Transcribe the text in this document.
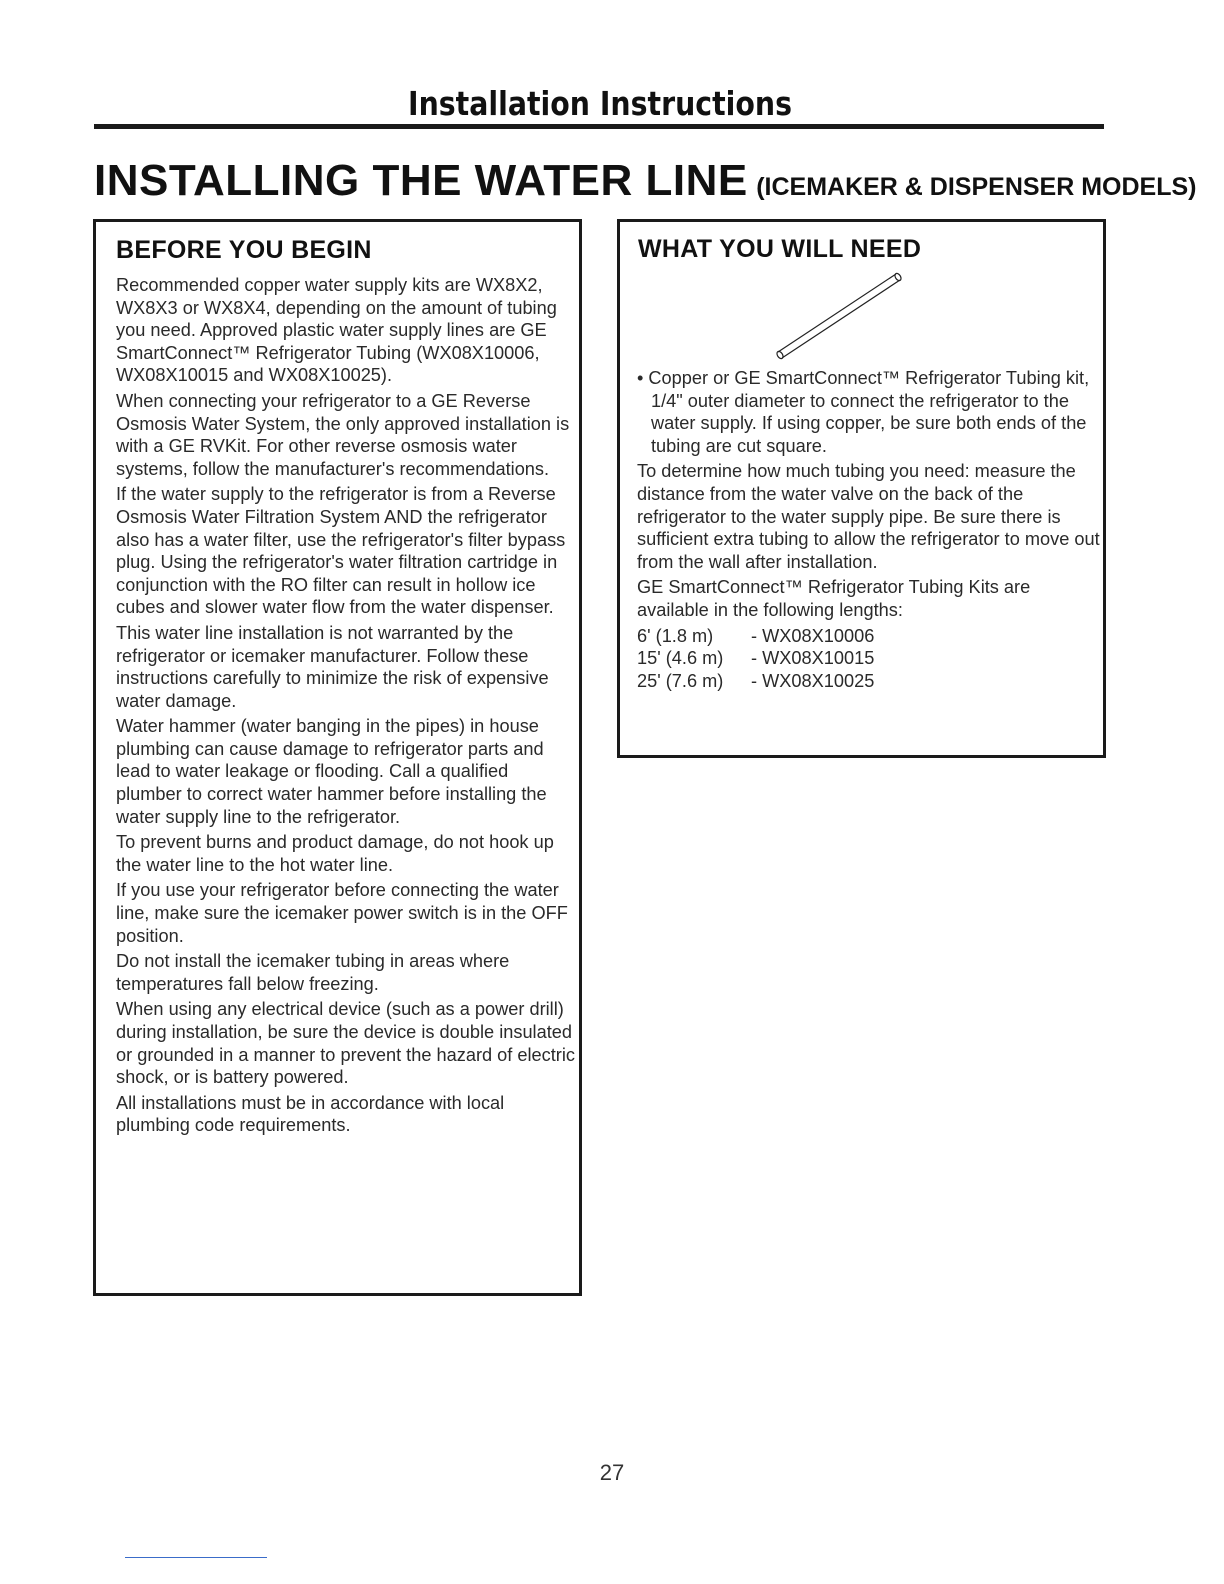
Installation Instructions
INSTALLING THE WATER LINE (ICEMAKER & DISPENSER MODELS)
BEFORE YOU BEGIN

Recommended copper water supply kits are WX8X2, WX8X3 or WX8X4, depending on the amount of tubing you need. Approved plastic water supply lines are GE SmartConnect™ Refrigerator Tubing (WX08X10006, WX08X10015 and WX08X10025).

When connecting your refrigerator to a GE Reverse Osmosis Water System, the only approved installation is with a GE RVKit. For other reverse osmosis water systems, follow the manufacturer's recommendations.

If the water supply to the refrigerator is from a Reverse Osmosis Water Filtration System AND the refrigerator also has a water filter, use the refrigerator's filter bypass plug. Using the refrigerator's water filtration cartridge in conjunction with the RO filter can result in hollow ice cubes and slower water flow from the water dispenser.

This water line installation is not warranted by the refrigerator or icemaker manufacturer. Follow these instructions carefully to minimize the risk of expensive water damage.

Water hammer (water banging in the pipes) in house plumbing can cause damage to refrigerator parts and lead to water leakage or flooding. Call a qualified plumber to correct water hammer before installing the water supply line to the refrigerator.

To prevent burns and product damage, do not hook up the water line to the hot water line.

If you use your refrigerator before connecting the water line, make sure the icemaker power switch is in the OFF position.

Do not install the icemaker tubing in areas where temperatures fall below freezing.

When using any electrical device (such as a power drill) during installation, be sure the device is double insulated or grounded in a manner to prevent the hazard of electric shock, or is battery powered.

All installations must be in accordance with local plumbing code requirements.

WHAT YOU WILL NEED

• Copper or GE SmartConnect™ Refrigerator Tubing kit, 1/4" outer diameter to connect the refrigerator to the water supply. If using copper, be sure both ends of the tubing are cut square.

To determine how much tubing you need: measure the distance from the water valve on the back of the refrigerator to the water supply pipe. Be sure there is sufficient extra tubing to allow the refrigerator to move out from the wall after installation.

GE SmartConnect™ Refrigerator Tubing Kits are available in the following lengths:

6' (1.8 m)	- WX08X10006
15' (4.6 m)	- WX08X10015
25' (7.6 m)	- WX08X10025
27
